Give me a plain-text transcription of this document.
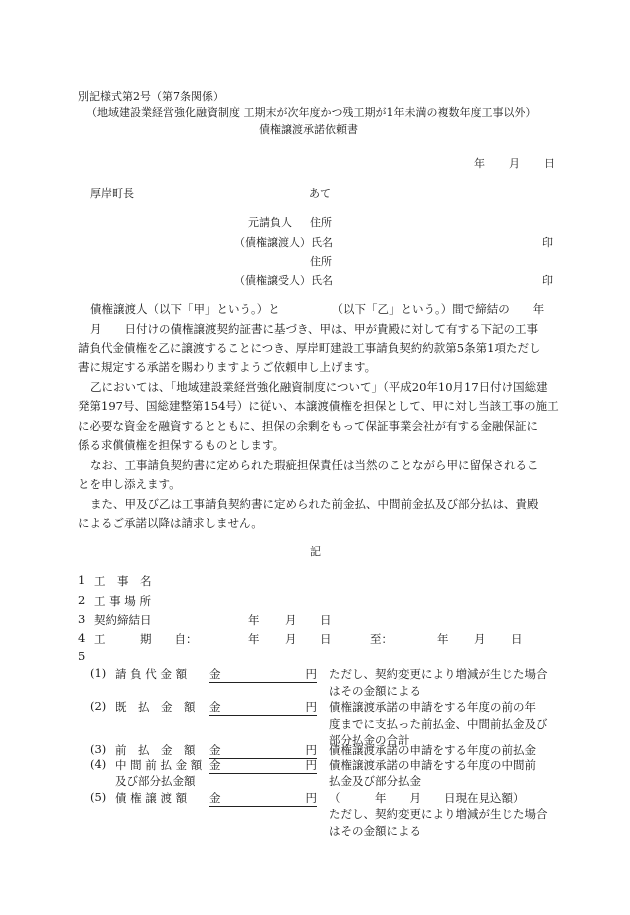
別記様式第2号（第7条関係）
（地域建設業経営強化融資制度 工期末が次年度かつ残工期が1年未満の複数年度工事以外）
債権譲渡承諾依頼書
年 月 日
厚岸町長	あて
元請負人 住所
（債権譲渡人）氏名	印
住所
（債権譲受人）氏名	印
債権譲渡人（以下「甲」という。）と　　　　　（以下「乙」という。）間で締結の　　年
月　　日付けの債権譲渡契約証書に基づき、甲は、甲が貴殿に対して有する下記の工事
請負代金債権を乙に譲渡することにつき、厚岸町建設工事請負契約約款第5条第1項ただし
書に規定する承諾を賜わりますようご依頼申し上げます。
乙においては、「地域建設業経営強化融資制度について」（平成20年10月17日付け国総建
発第197号、国総建整第154号）に従い、本譲渡債権を担保として、甲に対し当該工事の施工
に必要な資金を融資するとともに、担保の余剰をもって保証事業会社が有する金融保証に
係る求償債権を担保するものとします。
なお、工事請負契約書に定められた瑕疵担保責任は当然のことながら甲に留保されるこ
とを申し添えます。
また、甲及び乙は工事請負契約書に定められた前金払、中間前金払及び部分払は、貴殿
によるご承諾以降は請求しません。
記
1 工　事　名
2 工 事 場 所
3 契約締結日	年 月 日
4 工　　　期　　自：	年 月 日	至：	年 月 日
5
(1) 請 負 代 金 額 金	円 ただし、契約変更により増減が生じた場合
はその金額による
(2) 既　払　金　額 金	円 債権譲渡承諾の申請をする年度の前の年
度までに支払った前払金、中間前払金及び
部分払金の合計
(3) 前　払　金　額 金	円 債権譲渡承諾の申請をする年度の前払金
(4) 中 間 前 払 金 額
及び部分払金額
金	円 債権譲渡承諾の申請をする年度の中間前
払金及び部分払金
(5) 債 権 譲 渡 額 金	円 （　　　年　　月　　日現在見込額）
ただし、契約変更により増減が生じた場合
はその金額による
